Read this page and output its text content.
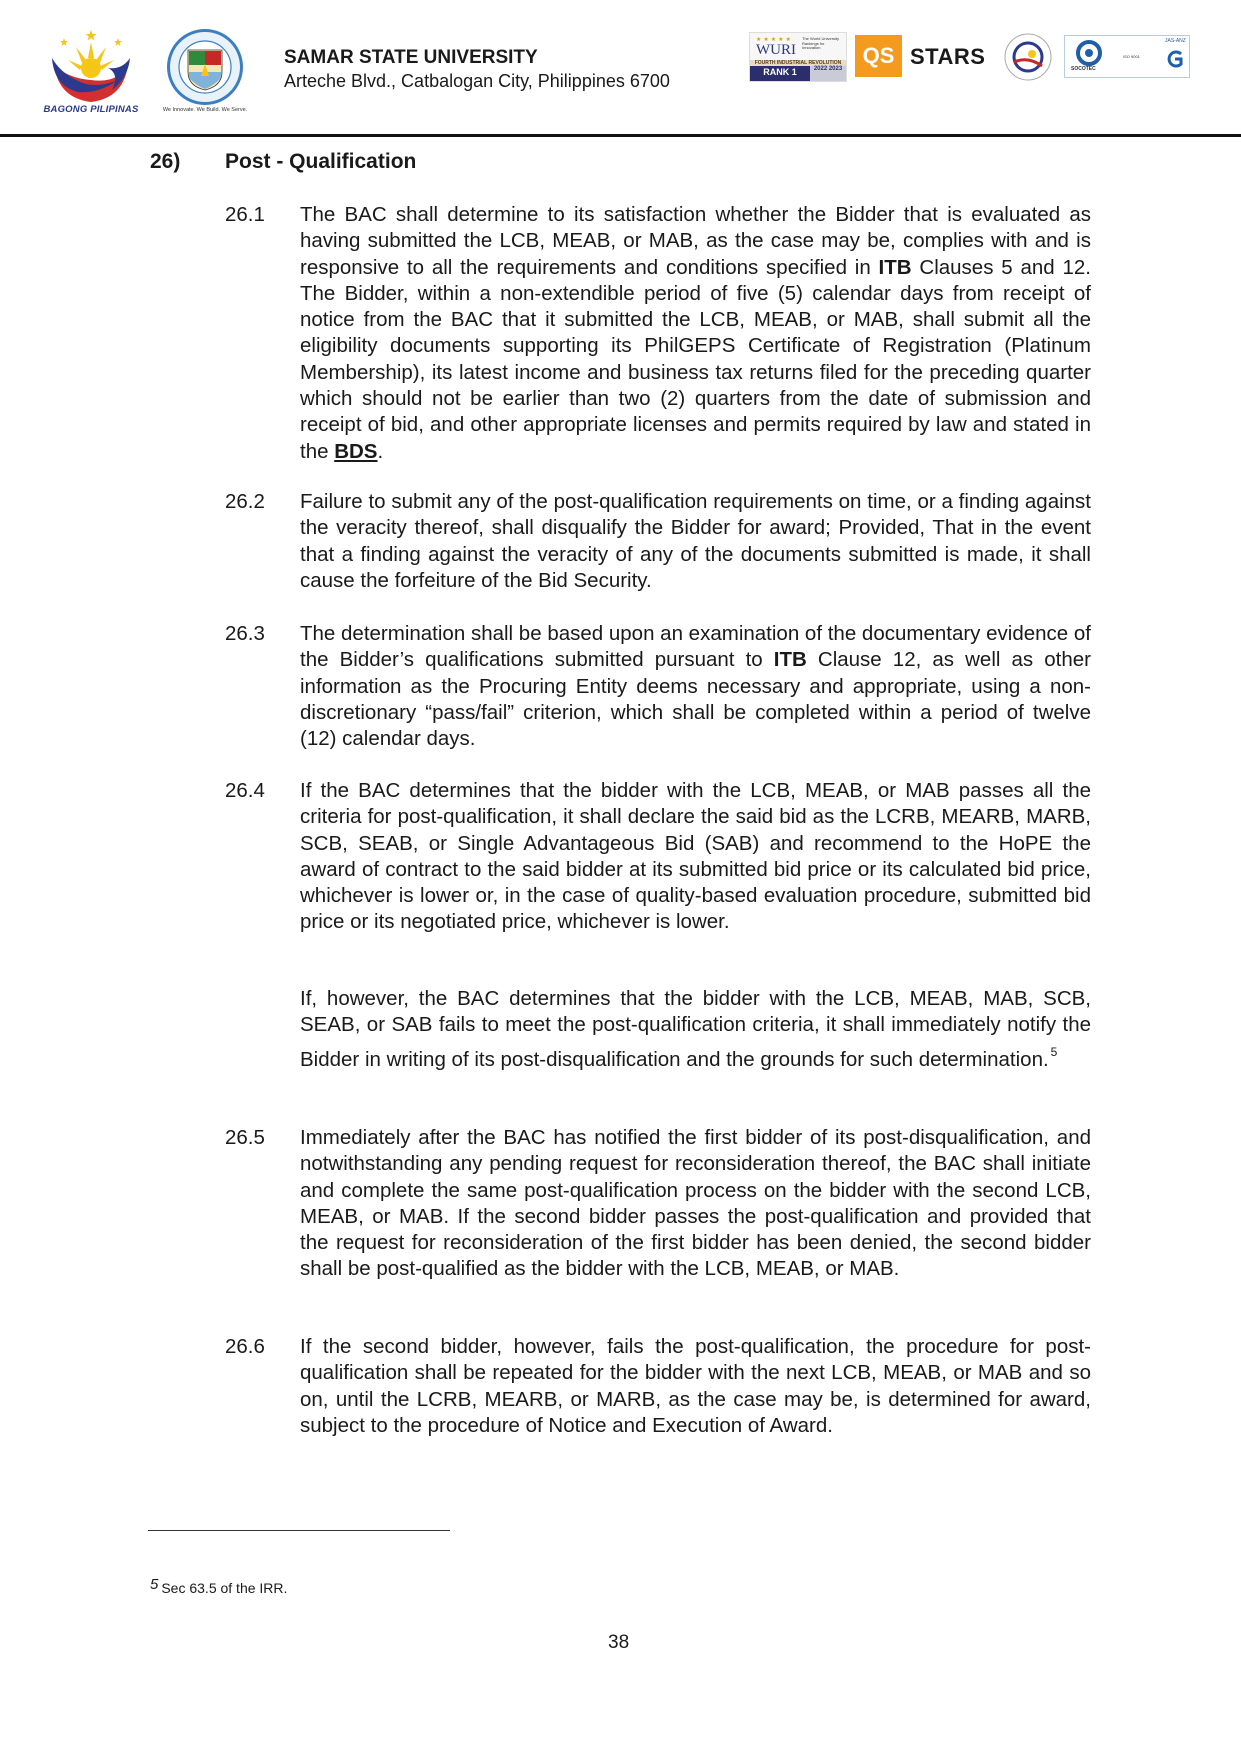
BAGONG PILIPINAS	We Innovate. We Build. We Serve.
SAMAR STATE UNIVERSITY
Arteche Blvd., Catbalogan City, Philippines 6700
★★★★★
WURI
The World University Rankings for Innovation
FOURTH INDUSTRIAL REVOLUTION
RANK 1	2022 2023
QS STARS	SOCOTEC
ISO 9001
JAS-ANZ
26) Post - Qualification
26.1 The BAC shall determine to its satisfaction whether the Bidder that is evaluated as having submitted the LCB, MEAB, or MAB, as the case may be, complies with and is responsive to all the requirements and conditions specified in ITB Clauses 5 and 12. The Bidder, within a non-extendible period of five (5) calendar days from receipt of notice from the BAC that it submitted the LCB, MEAB, or MAB, shall submit all the eligibility documents supporting its PhilGEPS Certificate of Registration (Platinum Membership), its latest income and business tax returns filed for the preceding quarter which should not be earlier than two (2) quarters from the date of submission and receipt of bid, and other appropriate licenses and permits required by law and stated in the BDS.
26.2 Failure to submit any of the post-qualification requirements on time, or a finding against the veracity thereof, shall disqualify the Bidder for award; Provided, That in the event that a finding against the veracity of any of the documents submitted is made, it shall cause the forfeiture of the Bid Security.
26.3 The determination shall be based upon an examination of the documentary evidence of the Bidder’s qualifications submitted pursuant to ITB Clause 12, as well as other information as the Procuring Entity deems necessary and appropriate, using a non-discretionary “pass/fail” criterion, which shall be completed within a period of twelve (12) calendar days.
26.4 If the BAC determines that the bidder with the LCB, MEAB, or MAB passes all the criteria for post-qualification, it shall declare the said bid as the LCRB, MEARB, MARB, SCB, SEAB, or Single Advantageous Bid (SAB) and recommend to the HoPE the award of contract to the said bidder at its submitted bid price or its calculated bid price, whichever is lower or, in the case of quality-based evaluation procedure, submitted bid price or its negotiated price, whichever is lower.
If, however, the BAC determines that the bidder with the LCB, MEAB, MAB, SCB, SEAB, or SAB fails to meet the post-qualification criteria, it shall immediately notify the Bidder in writing of its post-disqualification and the grounds for such determination. $^5$
26.5 Immediately after the BAC has notified the first bidder of its post-disqualification, and notwithstanding any pending request for reconsideration thereof, the BAC shall initiate and complete the same post-qualification process on the bidder with the second LCB, MEAB, or MAB. If the second bidder passes the post-qualification and provided that the request for reconsideration of the first bidder has been denied, the second bidder shall be post-qualified as the bidder with the LCB, MEAB, or MAB.
26.6 If the second bidder, however, fails the post-qualification, the procedure for post-qualification shall be repeated for the bidder with the next LCB, MEAB, or MAB and so on, until the LCRB, MEARB, or MARB, as the case may be, is determined for award, subject to the procedure of Notice and Execution of Award.
5 Sec 63.5 of the IRR.
38
